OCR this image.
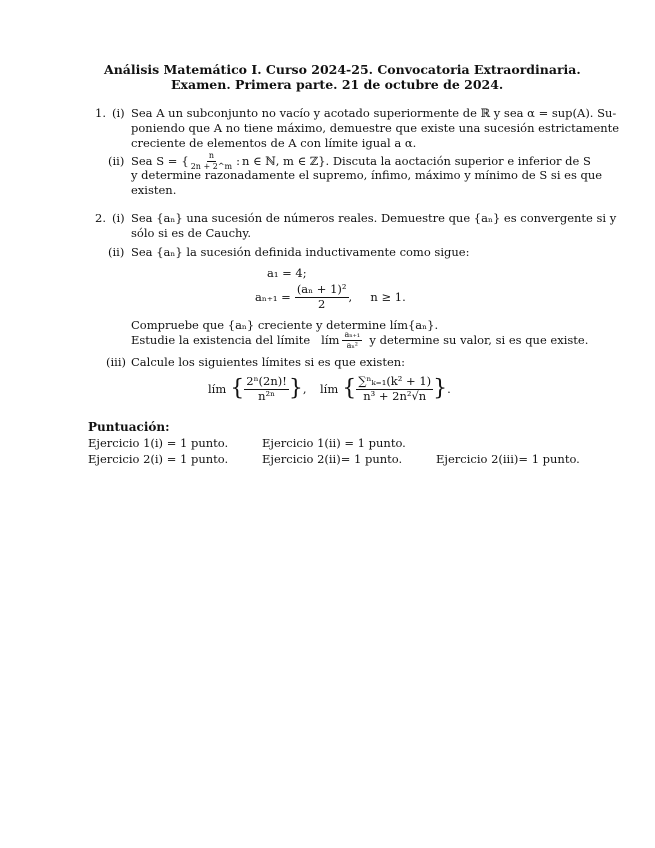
Análisis Matemático I. Curso 2024-25. Convocatoria Extraordinaria.
Examen. Primera parte. 21 de octubre de 2024.
1. (i) Sea A un subconjunto no vacío y acotado superiormente de ℝ y sea α = sup(A). Su-
poniendo que A no tiene máximo, demuestre que existe una sucesión estrictamente
creciente de elementos de A con límite igual a α.
(ii) Sea S = { $\frac{n}{2n + 2\^{}m}$ : n ∈ ℕ, m ∈ ℤ } . Discuta la aoctación superior e inferior de S
y determine razonadamente el supremo, ínfimo, máximo y mínimo de S si es que
existen.
2. (i) Sea {aₙ} una sucesión de números reales. Demuestre que {aₙ} es convergente si y
sólo si es de Cauchy.
(ii) Sea {aₙ} la sucesión definida inductivamente como sigue:
a₁ = 4;
$a_{n+1} = \frac{\text{(aₙ + 1)²}}{2}$ ,     n ≥ 1.
Compruebe que {aₙ} creciente y determine lím{aₙ}.
Estudie la existencia del límite   lím $\frac{\text{aₙ₊₁}}{\text{aₙ²}}$ y determine su valor, si es que existe.
(iii) Calcule los siguientes límites si es que existen:
lím { $\frac{\text{2ⁿ(2n)!}}{\text{n²ⁿ}}$ } , lím { $\frac{\text{∑ⁿₖ₌₁(k² + 1)}}{\text{n³ + 2n²√n}}$ } .
Puntuación:
Ejercicio 1(i) = 1 punto.	Ejercicio 1(ii) = 1 punto.
Ejercicio 2(i) = 1 punto.	Ejercicio 2(ii)= 1 punto.	Ejercicio 2(iii)= 1 punto.
